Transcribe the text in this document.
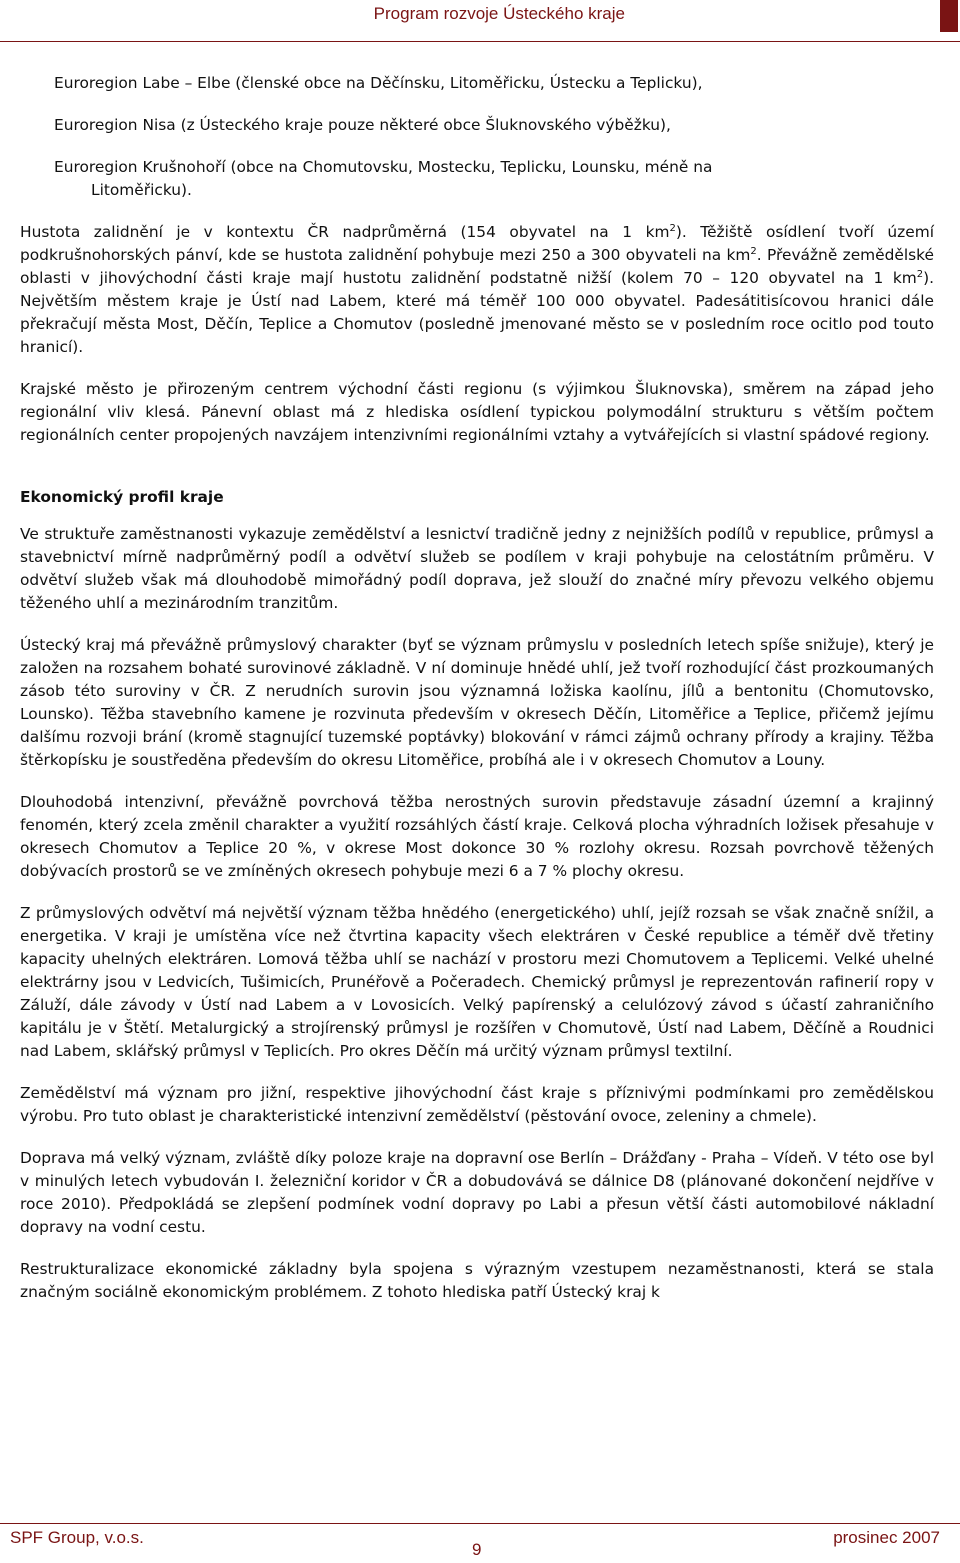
Program rozvoje Ústeckého kraje
Euroregion Labe – Elbe (členské obce na Děčínsku, Litoměřicku, Ústecku a Teplicku),
Euroregion Nisa (z Ústeckého kraje pouze některé obce Šluknovského výběžku),
Euroregion Krušnohoří (obce na Chomutovsku, Mostecku, Teplicku, Lounsku, méně na
Litoměřicku).

Hustota zalidnění je v kontextu ČR nadprůměrná (154 obyvatel na 1 $km^2$). Těžiště osídlení tvoří území podkrušnohorských pánví, kde se hustota zalidnění pohybuje mezi 250 a 300 obyvateli na $km^2$. Převážně zemědělské oblasti v jihovýchodní části kraje mají hustotu zalidnění podstatně nižší (kolem 70 – 120 obyvatel na 1 $km^2$). Největším městem kraje je Ústí nad Labem, které má téměř 100 000 obyvatel. Padesátitisícovou hranici dále překračují města Most, Děčín, Teplice a Chomutov (posledně jmenované město se v posledním roce ocitlo pod touto hranicí).

Krajské město je přirozeným centrem východní části regionu (s výjimkou Šluknovska), směrem na západ jeho regionální vliv klesá. Pánevní oblast má z hlediska osídlení typickou polymodální strukturu s větším počtem regionálních center propojených navzájem intenzivními regionálními vztahy a vytvářejících si vlastní spádové regiony.

Ekonomický profil kraje

Ve struktuře zaměstnanosti vykazuje zemědělství a lesnictví tradičně jedny z nejnižších podílů v republice, průmysl a stavebnictví mírně nadprůměrný podíl a odvětví služeb se podílem v kraji pohybuje na celostátním průměru. V odvětví služeb však má dlouhodobě mimořádný podíl doprava, jež slouží do značné míry převozu velkého objemu těženého uhlí a mezinárodním tranzitům.

Ústecký kraj má převážně průmyslový charakter (byť se význam průmyslu v posledních letech spíše snižuje), který je založen na rozsahem bohaté surovinové základně. V ní dominuje hnědé uhlí, jež tvoří rozhodující část prozkoumaných zásob této suroviny v ČR. Z nerudních surovin jsou významná ložiska kaolínu, jílů a bentonitu (Chomutovsko, Lounsko). Těžba stavebního kamene je rozvinuta především v okresech Děčín, Litoměřice a Teplice, přičemž jejímu dalšímu rozvoji brání (kromě stagnující tuzemské poptávky) blokování v rámci zájmů ochrany přírody a krajiny. Těžba štěrkopísku je soustředěna především do okresu Litoměřice, probíhá ale i v okresech Chomutov a Louny.

Dlouhodobá intenzivní, převážně povrchová těžba nerostných surovin představuje zásadní územní a krajinný fenomén, který zcela změnil charakter a využití rozsáhlých částí kraje. Celková plocha výhradních ložisek přesahuje v okresech Chomutov a Teplice 20 %, v okrese Most dokonce 30 % rozlohy okresu. Rozsah povrchově těžených dobývacích prostorů se ve zmíněných okresech pohybuje mezi 6 a 7 % plochy okresu.

Z průmyslových odvětví má největší význam těžba hnědého (energetického) uhlí, jejíž rozsah se však značně snížil, a energetika. V kraji je umístěna více než čtvrtina kapacity všech elektráren v České republice a téměř dvě třetiny kapacity uhelných elektráren. Lomová těžba uhlí se nachází v prostoru mezi Chomutovem a Teplicemi. Velké uhelné elektrárny jsou v Ledvicích, Tušimicích, Prunéřově a Počeradech. Chemický průmysl je reprezentován rafinerií ropy v Záluží, dále závody v Ústí nad Labem a v Lovosicích. Velký papírenský a celulózový závod s účastí zahraničního kapitálu je v Štětí. Metalurgický a strojírenský průmysl je rozšířen v Chomutově, Ústí nad Labem, Děčíně a Roudnici nad Labem, sklářský průmysl v Teplicích. Pro okres Děčín má určitý význam průmysl textilní.

Zemědělství má význam pro jižní, respektive jihovýchodní část kraje s příznivými podmínkami pro zemědělskou výrobu. Pro tuto oblast je charakteristické intenzivní zemědělství (pěstování ovoce, zeleniny a chmele).

Doprava má velký význam, zvláště díky poloze kraje na dopravní ose Berlín – Drážďany - Praha – Vídeň. V této ose byl v minulých letech vybudován I. železniční koridor v ČR a dobudovává se dálnice D8 (plánované dokončení nejdříve v roce 2010). Předpokládá se zlepšení podmínek vodní dopravy po Labi a přesun větší části automobilové nákladní dopravy na vodní cestu.

Restrukturalizace ekonomické základny byla spojena s výrazným vzestupem nezaměstnanosti, která se stala značným sociálně ekonomickým problémem. Z tohoto hlediska patří Ústecký kraj k

SPF Group, v.o.s.
9
prosinec 2007
